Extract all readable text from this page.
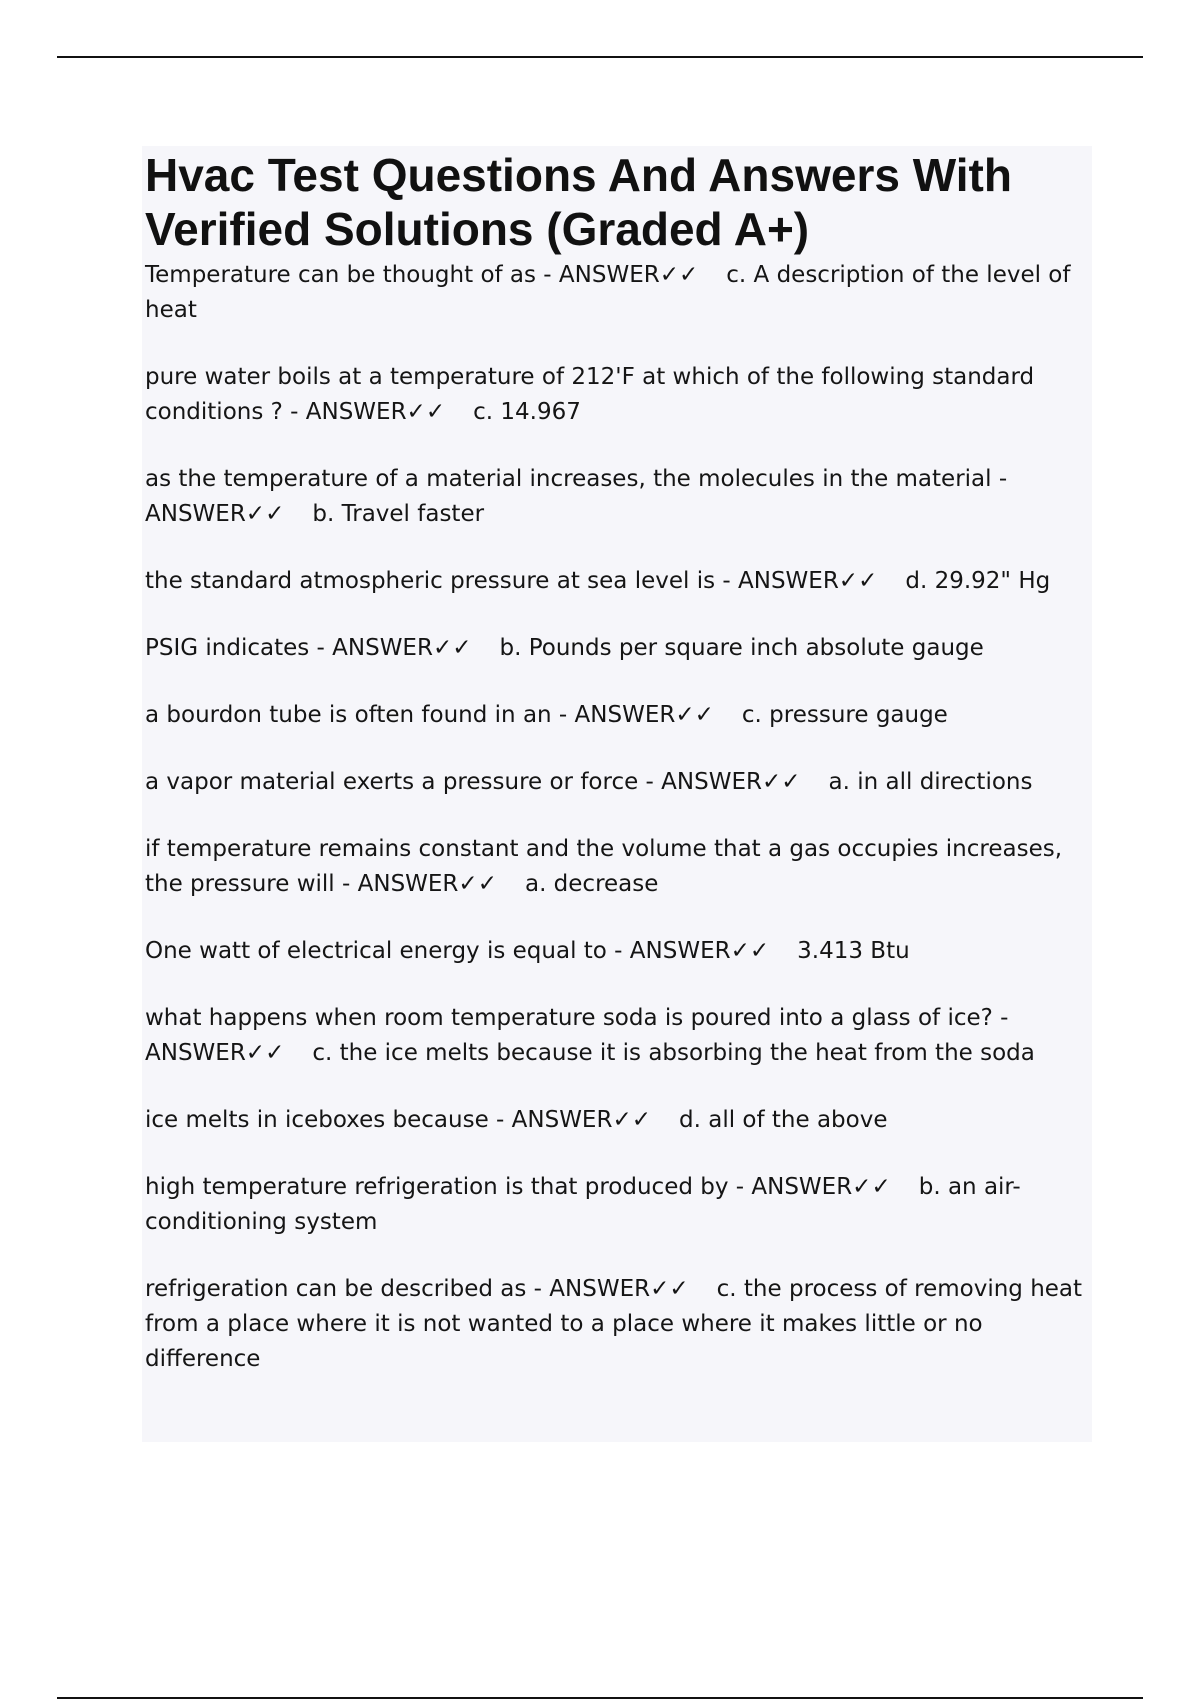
Hvac Test Questions And Answers With Verified Solutions (Graded A+)

Temperature can be thought of as - ANSWER✓✓ c. A description of the level of heat

pure water boils at a temperature of 212'F at which of the following standard conditions ? - ANSWER✓✓ c. 14.967

as the temperature of a material increases, the molecules in the material - ANSWER✓✓ b. Travel faster

the standard atmospheric pressure at sea level is - ANSWER✓✓ d. 29.92" Hg

PSIG indicates - ANSWER✓✓ b. Pounds per square inch absolute gauge

a bourdon tube is often found in an - ANSWER✓✓ c. pressure gauge

a vapor material exerts a pressure or force - ANSWER✓✓ a. in all directions

if temperature remains constant and the volume that a gas occupies increases, the pressure will - ANSWER✓✓ a. decrease

One watt of electrical energy is equal to - ANSWER✓✓ 3.413 Btu

what happens when room temperature soda is poured into a glass of ice? - ANSWER✓✓ c. the ice melts because it is absorbing the heat from the soda

ice melts in iceboxes because - ANSWER✓✓ d. all of the above

high temperature refrigeration is that produced by - ANSWER✓✓ b. an air-conditioning system

refrigeration can be described as - ANSWER✓✓ c. the process of removing heat from a place where it is not wanted to a place where it makes little or no difference
